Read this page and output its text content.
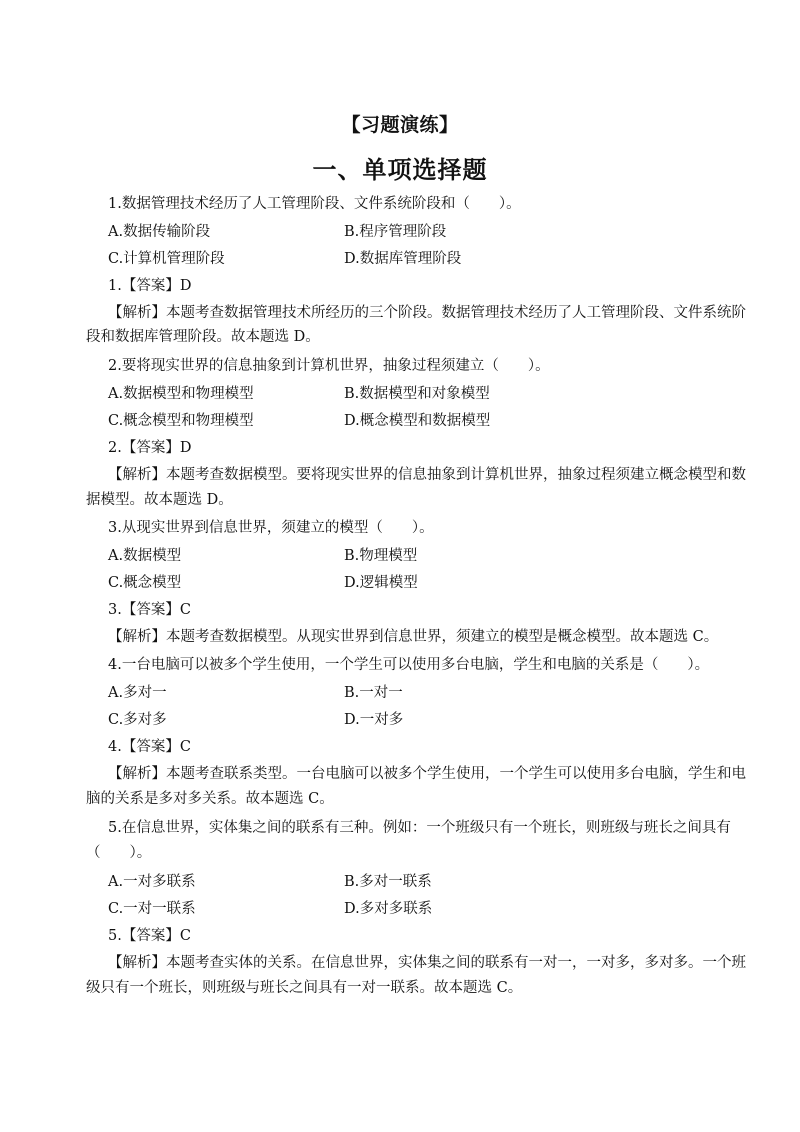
【习题演练】
一、单项选择题
1.数据管理技术经历了人工管理阶段、文件系统阶段和（　　）。
A.数据传输阶段	B.程序管理阶段
C.计算机管理阶段	D.数据库管理阶段
1.【答案】D
【解析】本题考查数据管理技术所经历的三个阶段。数据管理技术经历了人工管理阶段、文件系统阶
段和数据库管理阶段。故本题选 D。
2.要将现实世界的信息抽象到计算机世界，抽象过程须建立（　　）。
A.数据模型和物理模型	B.数据模型和对象模型
C.概念模型和物理模型	D.概念模型和数据模型
2.【答案】D
【解析】本题考查数据模型。要将现实世界的信息抽象到计算机世界，抽象过程须建立概念模型和数
据模型。故本题选 D。
3.从现实世界到信息世界，须建立的模型（　　）。
A.数据模型	B.物理模型
C.概念模型	D.逻辑模型
3.【答案】C
【解析】本题考查数据模型。从现实世界到信息世界，须建立的模型是概念模型。故本题选 C。
4.一台电脑可以被多个学生使用，一个学生可以使用多台电脑，学生和电脑的关系是（　　）。
A.多对一	B.一对一
C.多对多	D.一对多
4.【答案】C
【解析】本题考查联系类型。一台电脑可以被多个学生使用，一个学生可以使用多台电脑，学生和电
脑的关系是多对多关系。故本题选 C。
5.在信息世界，实体集之间的联系有三种。例如：一个班级只有一个班长，则班级与班长之间具有
（　　）。
A.一对多联系	B.多对一联系
C.一对一联系	D.多对多联系
5.【答案】C
【解析】本题考查实体的关系。在信息世界，实体集之间的联系有一对一，一对多，多对多。一个班
级只有一个班长，则班级与班长之间具有一对一联系。故本题选 C。
